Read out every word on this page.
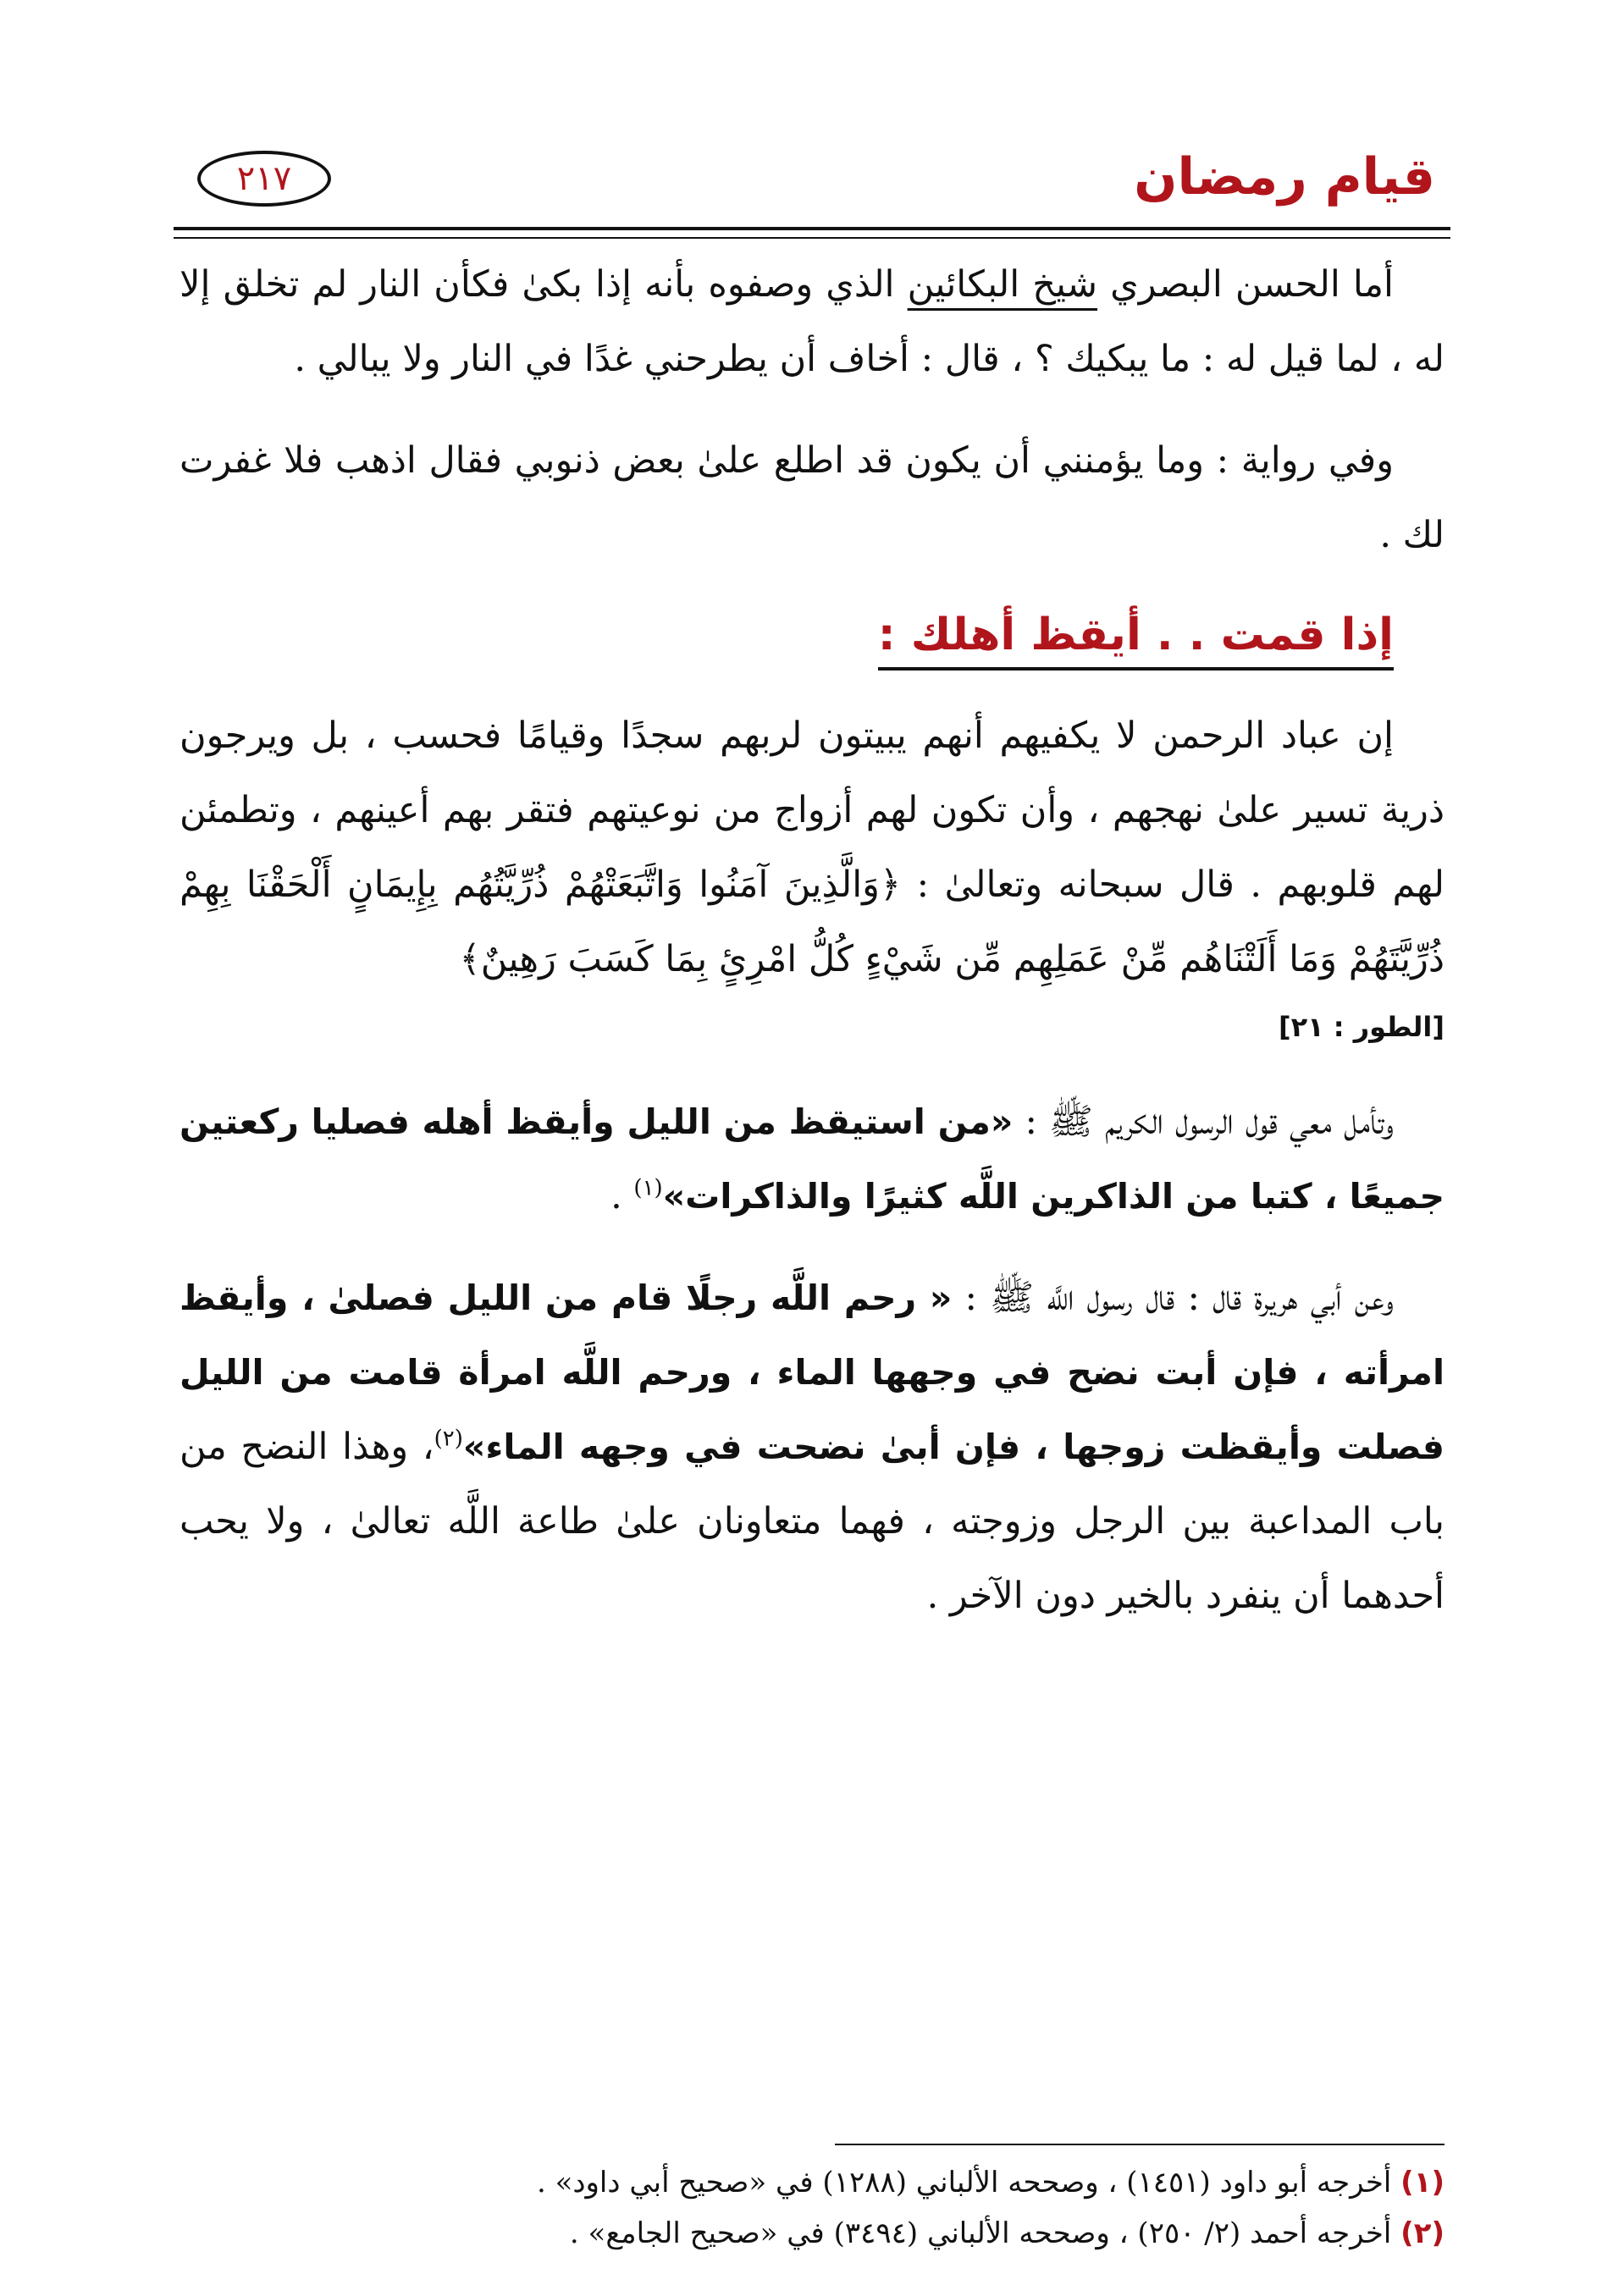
قيام رمضان
٢١٧

أما الحسن البصري شيخ البكائين الذي وصفوه بأنه إذا بكىٰ فكأن النار لم تخلق إلا له ، لما قيل له : ما يبكيك ؟ ، قال : أخاف أن يطرحني غدًا في النار ولا يبالي .

وفي رواية : وما يؤمنني أن يكون قد اطلع علىٰ بعض ذنوبي فقال اذهب فلا غفرت لك .

إذا قمت . . أيقظ أهلك :

إن عباد الرحمن لا يكفيهم أنهم يبيتون لربهم سجدًا وقيامًا فحسب ، بل ويرجون ذرية تسير علىٰ نهجهم ، وأن تكون لهم أزواج من نوعيتهم فتقر بهم أعينهم ، وتطمئن لهم قلوبهم . قال سبحانه وتعالىٰ : ﴿وَالَّذِينَ آمَنُوا وَاتَّبَعَتْهُمْ ذُرِّيَّتُهُم بِإِيمَانٍ أَلْحَقْنَا بِهِمْ ذُرِّيَّتَهُمْ وَمَا أَلَتْنَاهُم مِّنْ عَمَلِهِم مِّن شَيْءٍ كُلُّ امْرِئٍ بِمَا كَسَبَ رَهِينٌ﴾

[الطور : ٢١]

وتأمل معي قول الرسول الكريم ﷺ : «من استيقظ من الليل وأيقظ أهله فصليا ركعتين جميعًا ، كتبا من الذاكرين اللَّه كثيرًا والذاكرات»$^{(١)}$ .

وعن أبي هريرة قال : قال رسول اللَّه ﷺ : « رحم اللَّه رجلًا قام من الليل فصلىٰ ، وأيقظ امرأته ، فإن أبت نضح في وجهها الماء ، ورحم اللَّه امرأة قامت من الليل فصلت وأيقظت زوجها ، فإن أبىٰ نضحت في وجهه الماء»$^{(٢)}$، وهذا النضح من باب المداعبة بين الرجل وزوجته ، فهما متعاونان علىٰ طاعة اللَّه تعالىٰ ، ولا يحب أحدهما أن ينفرد بالخير دون الآخر .

(١) أخرجه أبو داود (١٤٥١) ، وصححه الألباني (١٢٨٨) في «صحيح أبي داود» .
(٢) أخرجه أحمد (٢/ ٢٥٠) ، وصححه الألباني (٣٤٩٤) في «صحيح الجامع» .
